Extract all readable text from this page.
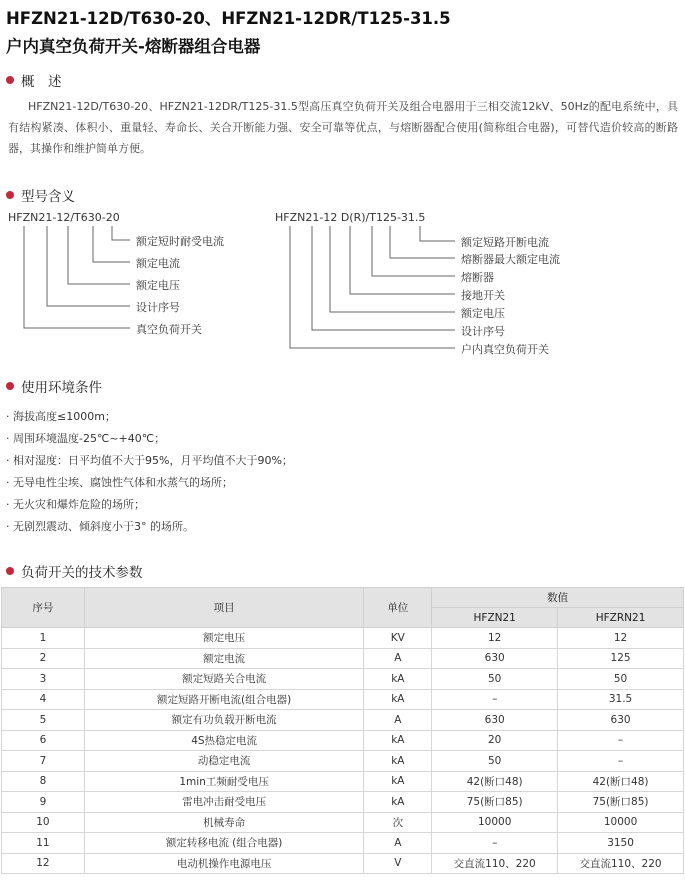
HFZN21-12D/T630-20、HFZN21-12DR/T125-31.5
户内真空负荷开关-熔断器组合电器
概　述
HFZN21-12D/T630-20、HFZN21-12DR/T125-31.5型高压真空负荷开关及组合电器用于三相交流12kV、50Hz的配电系统中，具有结构紧凑、体积小、重量轻、寿命长、关合开断能力强、安全可靠等优点，与熔断器配合使用(简称组合电器)，可替代造价较高的断路器，其操作和维护简单方便。
型号含义
HFZN21-12/T630-20	HFZN21-12 D(R)/T125-31.5
额定短时耐受电流
额定电流
额定电压
设计序号
真空负荷开关
额定短路开断电流
熔断器最大额定电流
熔断器
接地开关
额定电压
设计序号
户内真空负荷开关
使用环境条件
· 海拔高度≤1000m；
· 周围环境温度-25℃~+40℃；
· 相对湿度：日平均值不大于95%，月平均值不大于90%；
· 无导电性尘埃、腐蚀性气体和水蒸气的场所；
· 无火灾和爆炸危险的场所；
· 无剧烈震动、倾斜度小于3° 的场所。
负荷开关的技术参数
序号	项目	单位	数值	
			HFZN21	HFZRN21
1	额定电压	KV	12	12
2	额定电流	A	630	125
3	额定短路关合电流	kA	50	50
4	额定短路开断电流(组合电器)	kA	–	31.5
5	额定有功负载开断电流	A	630	630
6	4S热稳定电流	kA	20	–
7	动稳定电流	kA	50	–
8	1min工频耐受电压	kA	42(断口48)	42(断口48)
9	雷电冲击耐受电压	kA	75(断口85)	75(断口85)
10	机械寿命	次	10000	10000
11	额定转移电流 (组合电器)	A	–	3150
12	电动机操作电源电压	V	交直流110、220	交直流110、220
